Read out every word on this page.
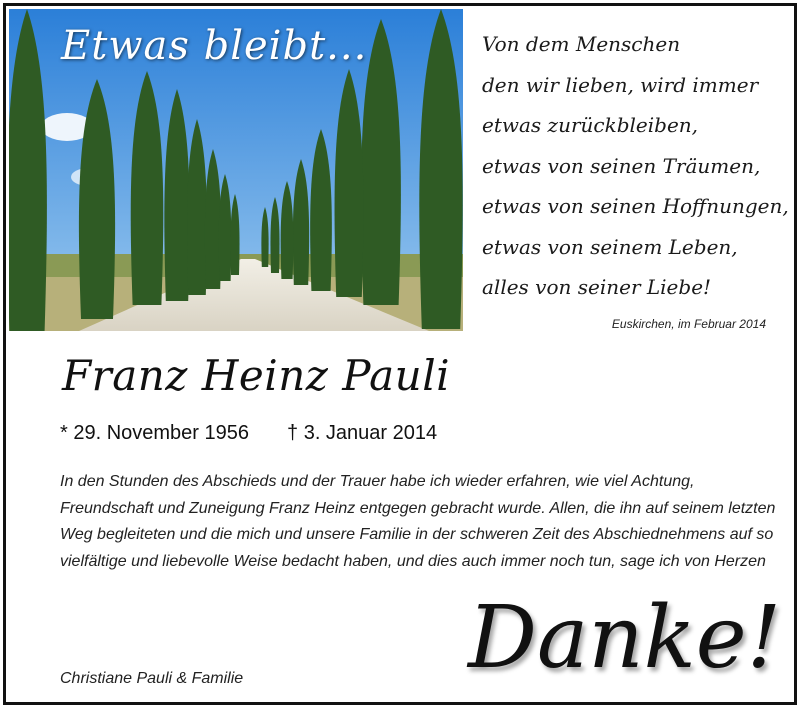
Etwas bleibt...	Von dem Menschen
den wir lieben, wird immer
etwas zurückbleiben,
etwas von seinen Träumen,
etwas von seinen Hoffnungen,
etwas von seinem Leben,
alles von seiner Liebe!
Euskirchen, im Februar 2014
Franz Heinz Pauli
* 29. November 1956 † 3. Januar 2014
In den Stunden des Abschieds und der Trauer habe ich wieder erfahren, wie viel Achtung, Freundschaft und Zuneigung Franz Heinz entgegen gebracht wurde. Allen, die ihn auf seinem letzten Weg begleiteten und die mich und unsere Familie in der schweren Zeit des Abschiednehmens auf so vielfältige und liebevolle Weise bedacht haben, und dies auch immer noch tun, sage ich von Herzen
Christiane Pauli & Familie	Danke!
